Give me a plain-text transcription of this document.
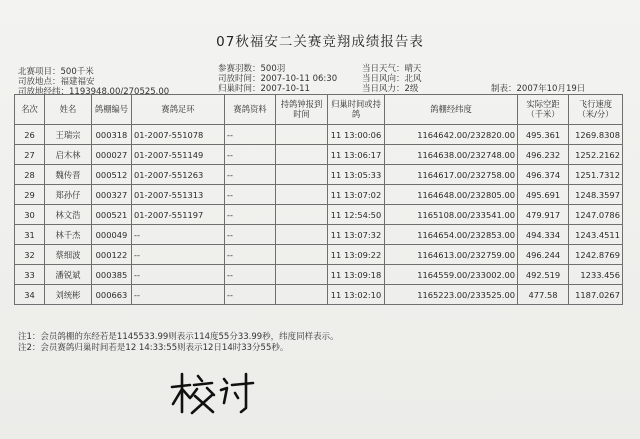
07秋福安二关赛竞翔成绩报告表
北赛项目：500千米
司放地点：福建福安
司放地经纬：1193948.00/270525.00
参赛羽数：500羽
司放时间：2007-10-11 06:30
归巢时间：2007-10-11
当日天气：晴天
当日风向：北风
当日风力：2级	制表：2007年10月19日
名次	姓名	鸽棚编号	赛鸽足环	赛鸽资料	持鸽钟报到时间	归巢时间或持鸽	鸽棚经纬度	实际空距（千米）	飞行速度（米/分）
26	王瑞宗	000318	01-2007-551078	--		11 13:00:06	1164642.00/232820.00	495.361	1269.8308
27	启木林	000027	01-2007-551149	--		11 13:06:17	1164638.00/232748.00	496.232	1252.2162
28	魏传晋	000512	01-2007-551263	--		11 13:05:33	1164617.00/232758.00	496.374	1251.7312
29	郑孙仔	000327	01-2007-551313	--		11 13:07:02	1164648.00/232805.00	495.691	1248.3597
30	林文浩	000521	01-2007-551197	--		11 12:54:50	1165108.00/233541.00	479.917	1247.0786
31	林千杰	000049	--	--		11 13:07:32	1164654.00/232853.00	494.334	1243.4511
32	蔡细波	000122	--	--		11 13:09:22	1164613.00/232759.00	496.244	1242.8769
33	潘锐斌	000385	--	--		11 13:09:18	1164559.00/233002.00	492.519	1233.456
34	刘统彬	000663	--	--		11 13:02:10	1165223.00/233525.00	477.58	1187.0267
注1：会员鸽棚的东经若是1145533.99则表示114度55分33.99秒，纬度同样表示。
注2：会员赛鸽归巢时间若是12 14:33:55则表示12日14时33分55秒。
